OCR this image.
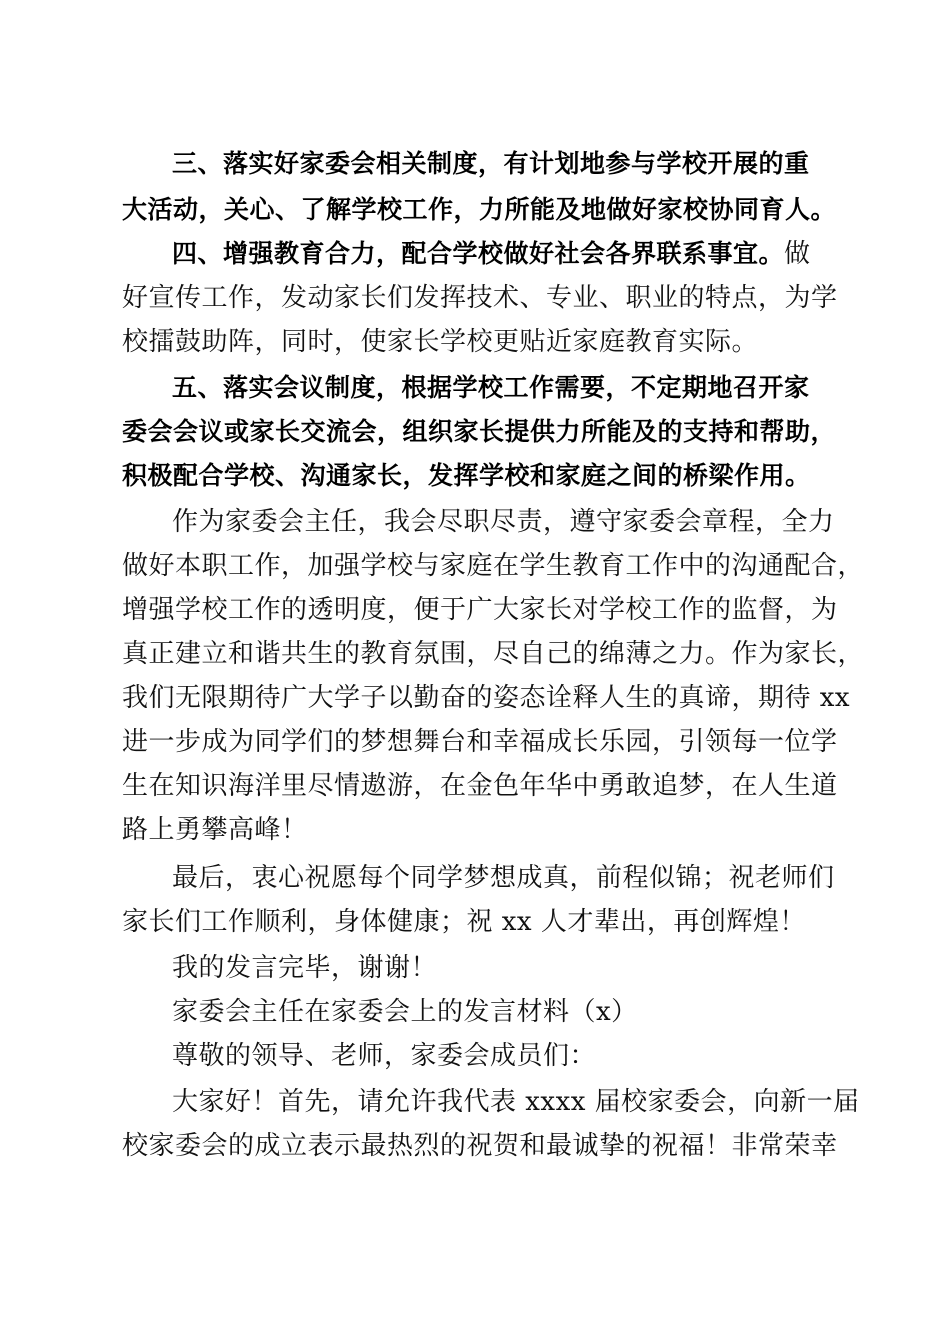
三、落实好家委会相关制度，有计划地参与学校开展的重
大活动，关心、了解学校工作，力所能及地做好家校协同育人。
四、增强教育合力，配合学校做好社会各界联系事宜。做
好宣传工作，发动家长们发挥技术、专业、职业的特点，为学
校擂鼓助阵，同时，使家长学校更贴近家庭教育实际。
五、落实会议制度，根据学校工作需要，不定期地召开家
委会会议或家长交流会，组织家长提供力所能及的支持和帮助，
积极配合学校、沟通家长，发挥学校和家庭之间的桥梁作用。
作为家委会主任，我会尽职尽责，遵守家委会章程，全力
做好本职工作，加强学校与家庭在学生教育工作中的沟通配合，
增强学校工作的透明度，便于广大家长对学校工作的监督，为
真正建立和谐共生的教育氛围，尽自己的绵薄之力。作为家长，
我们无限期待广大学子以勤奋的姿态诠释人生的真谛，期待 xx
进一步成为同学们的梦想舞台和幸福成长乐园，引领每一位学
生在知识海洋里尽情遨游，在金色年华中勇敢追梦，在人生道
路上勇攀高峰！
最后，衷心祝愿每个同学梦想成真，前程似锦；祝老师们
家长们工作顺利，身体健康；祝 xx 人才辈出，再创辉煌！
我的发言完毕，谢谢！
家委会主任在家委会上的发言材料（x）
尊敬的领导、老师，家委会成员们：
大家好！首先，请允许我代表 xxxx 届校家委会，向新一届
校家委会的成立表示最热烈的祝贺和最诚挚的祝福！非常荣幸
